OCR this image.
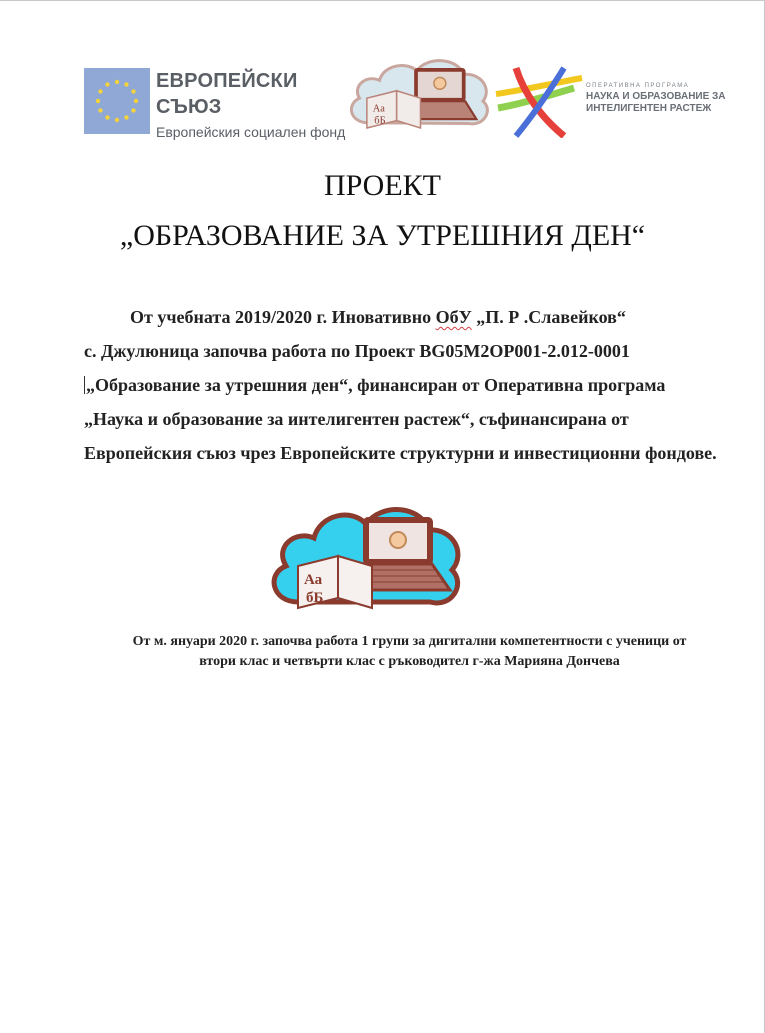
ЕВРОПЕЙСКИ СЪЮЗ
Европейския социален фонд
Аа
бБ
ОПЕРАТИВНА ПРОГРАМА
НАУКА И ОБРАЗОВАНИЕ ЗА
ИНТЕЛИГЕНТЕН РАСТЕЖ
ПРОЕКТ
„ОБРАЗОВАНИЕ ЗА УТРЕШНИЯ ДЕН“

От учебната 2019/2020 г. Иновативно ОбУ „П. Р .Славейков“

с. Джулюница започва работа по Проект BG05M2OP001-2.012-0001

„Образование за утрешния ден“, финансиран от Оперативна програма

„Наука и образование за интелигентен растеж“, съфинансирана от

Европейския съюз чрез Европейските структурни и инвестиционни фондове.

Аа
бБ
От м. януари 2020 г. започва работа 1 групи за дигитални компетентности с ученици от
втори клас и четвърти клас с ръководител г-жа Марияна Дончева
